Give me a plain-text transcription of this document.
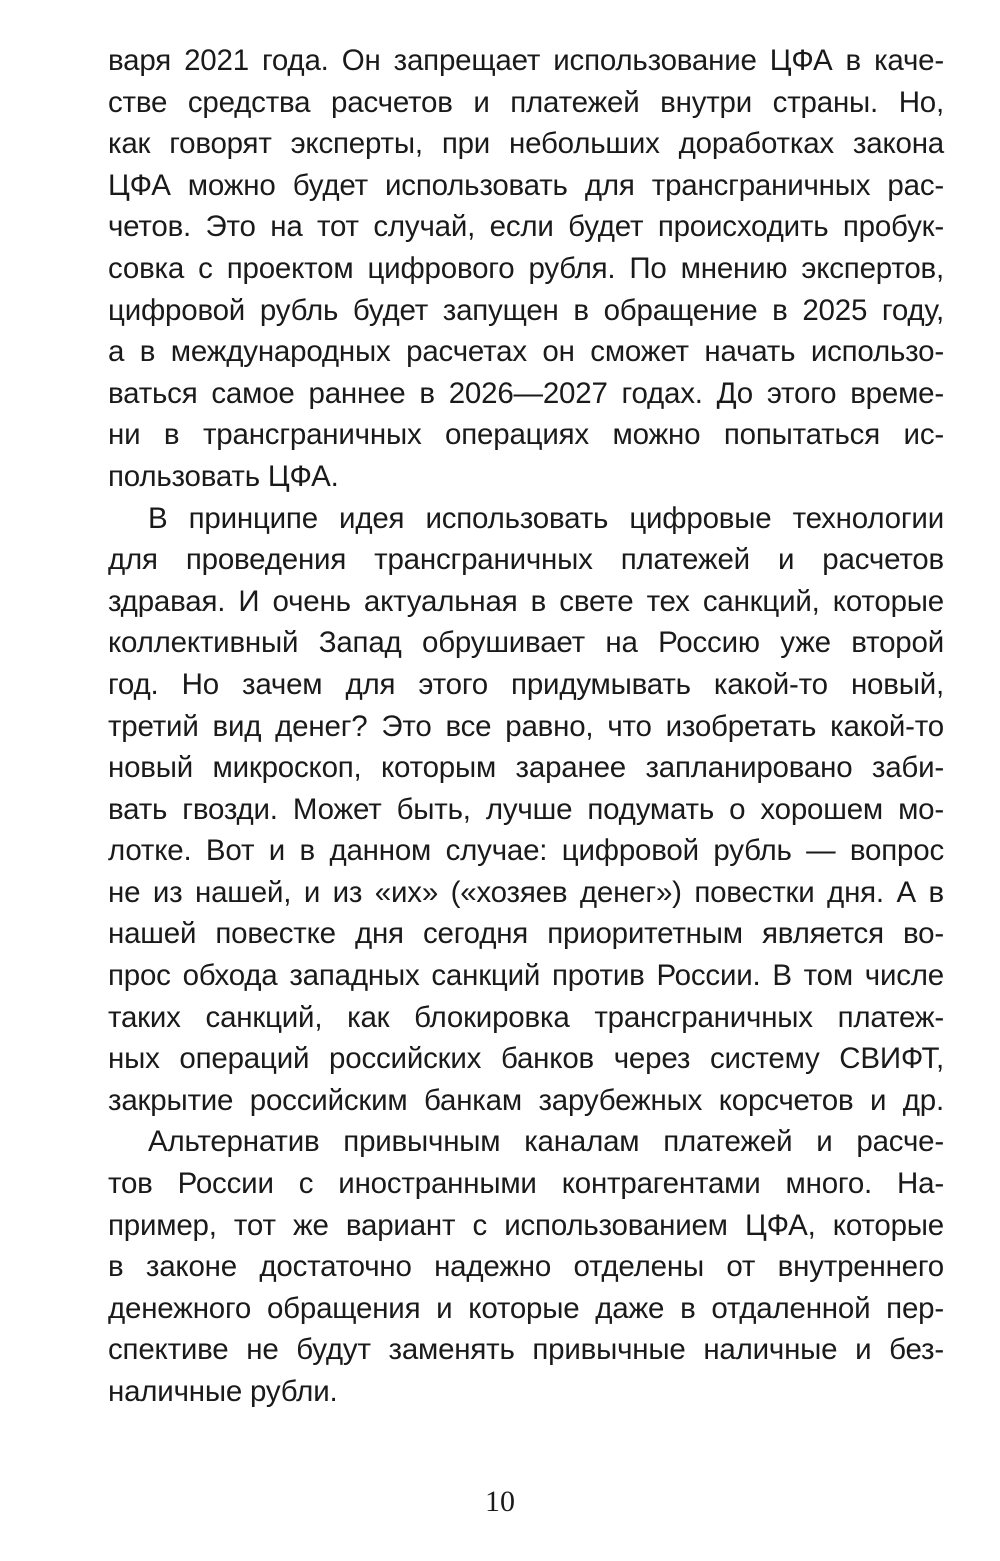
варя 2021 года. Он запрещает использование ЦФА в каче-
стве средства расчетов и платежей внутри страны. Но,
как говорят эксперты, при небольших доработках закона
ЦФА можно будет использовать для трансграничных рас-
четов. Это на тот случай, если будет происходить пробук-
совка с проектом цифрового рубля. По мнению экспертов,
цифровой рубль будет запущен в обращение в 2025 году,
а в международных расчетах он сможет начать использо-
ваться самое раннее в 2026—2027 годах. До этого време-
ни в трансграничных операциях можно попытаться ис-
пользовать ЦФА.
В принципе идея использовать цифровые технологии
для проведения трансграничных платежей и расчетов
здравая. И очень актуальная в свете тех санкций, которые
коллективный Запад обрушивает на Россию уже второй
год. Но зачем для этого придумывать какой-то новый,
третий вид денег? Это все равно, что изобретать какой-то
новый микроскоп, которым заранее запланировано заби-
вать гвозди. Может быть, лучше подумать о хорошем мо-
лотке. Вот и в данном случае: цифровой рубль — вопрос
не из нашей, и из «их» («хозяев денег») повестки дня. А в
нашей повестке дня сегодня приоритетным является во-
прос обхода западных санкций против России. В том числе
таких санкций, как блокировка трансграничных платеж-
ных операций российских банков через систему СВИФТ,
закрытие российским банкам зарубежных корсчетов и др.
Альтернатив привычным каналам платежей и расче-
тов России с иностранными контрагентами много. На-
пример, тот же вариант с использованием ЦФА, которые
в законе достаточно надежно отделены от внутреннего
денежного обращения и которые даже в отдаленной пер-
спективе не будут заменять привычные наличные и без-
наличные рубли.
10
